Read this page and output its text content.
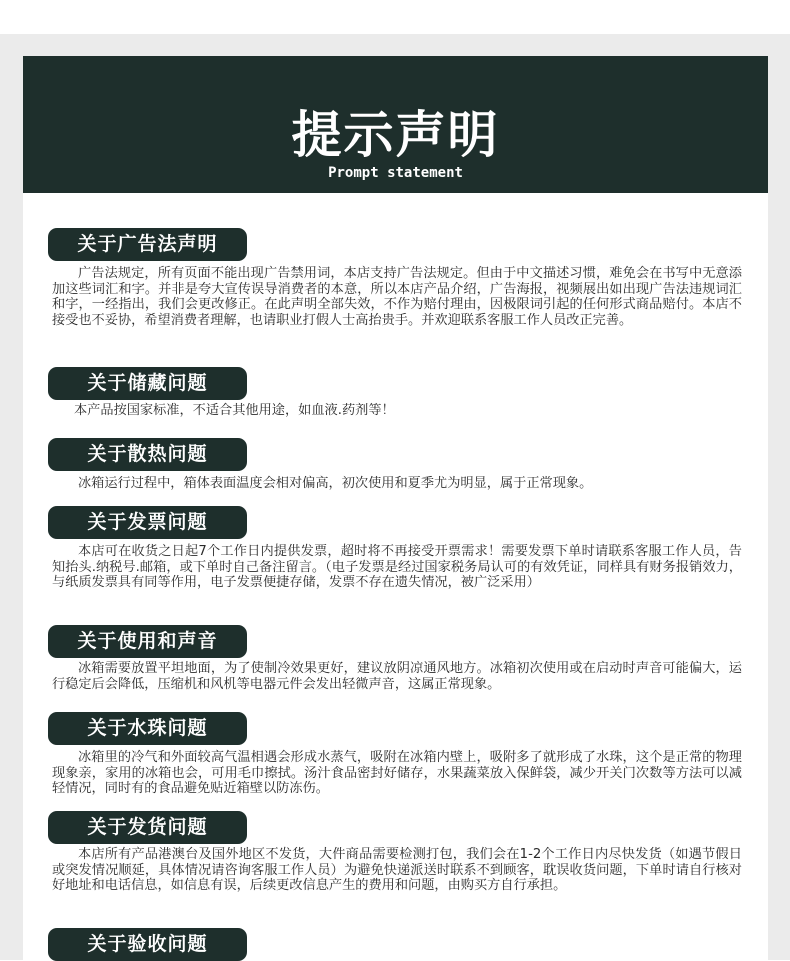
提示声明
Prompt statement
关于广告法声明

广告法规定，所有页面不能出现广告禁用词，本店支持广告法规定。但由于中文描述习惯，难免会在书写中无意添加这些词汇和字。并非是夸大宣传误导消费者的本意，所以本店产品介绍，广告海报，视频展出如出现广告法违规词汇和字，一经指出，我们会更改修正。在此声明全部失效，不作为赔付理由，因极限词引起的任何形式商品赔付。本店不接受也不妥协，希望消费者理解，也请职业打假人士高抬贵手。并欢迎联系客服工作人员改正完善。

关于储藏问题

本产品按国家标准，不适合其他用途，如血液.药剂等！

关于散热问题

冰箱运行过程中，箱体表面温度会相对偏高，初次使用和夏季尤为明显，属于正常现象。

关于发票问题

本店可在收货之日起7个工作日内提供发票，超时将不再接受开票需求！需要发票下单时请联系客服工作人员，告知抬头.纳税号.邮箱，或下单时自己备注留言。（电子发票是经过国家税务局认可的有效凭证，同样具有财务报销效力，与纸质发票具有同等作用，电子发票便捷存储，发票不存在遗失情况，被广泛采用）

关于使用和声音

冰箱需要放置平坦地面，为了使制冷效果更好，建议放阴凉通风地方。冰箱初次使用或在启动时声音可能偏大，运行稳定后会降低，压缩机和风机等电器元件会发出轻微声音，这属正常现象。

关于水珠问题

冰箱里的冷气和外面较高气温相遇会形成水蒸气，吸附在冰箱内壁上，吸附多了就形成了水珠，这个是正常的物理现象亲，家用的冰箱也会，可用毛巾擦拭。汤汁食品密封好储存，水果蔬菜放入保鲜袋，减少开关门次数等方法可以减轻情况，同时有的食品避免贴近箱壁以防冻伤。

关于发货问题

本店所有产品港澳台及国外地区不发货，大件商品需要检测打包，我们会在1-2个工作日内尽快发货（如遇节假日或突发情况顺延，具体情况请咨询客服工作人员）为避免快递派送时联系不到顾客，耽误收货问题，下单时请自行核对好地址和电话信息，如信息有误，后续更改信息产生的费用和问题，由购买方自行承担。

关于验收问题
